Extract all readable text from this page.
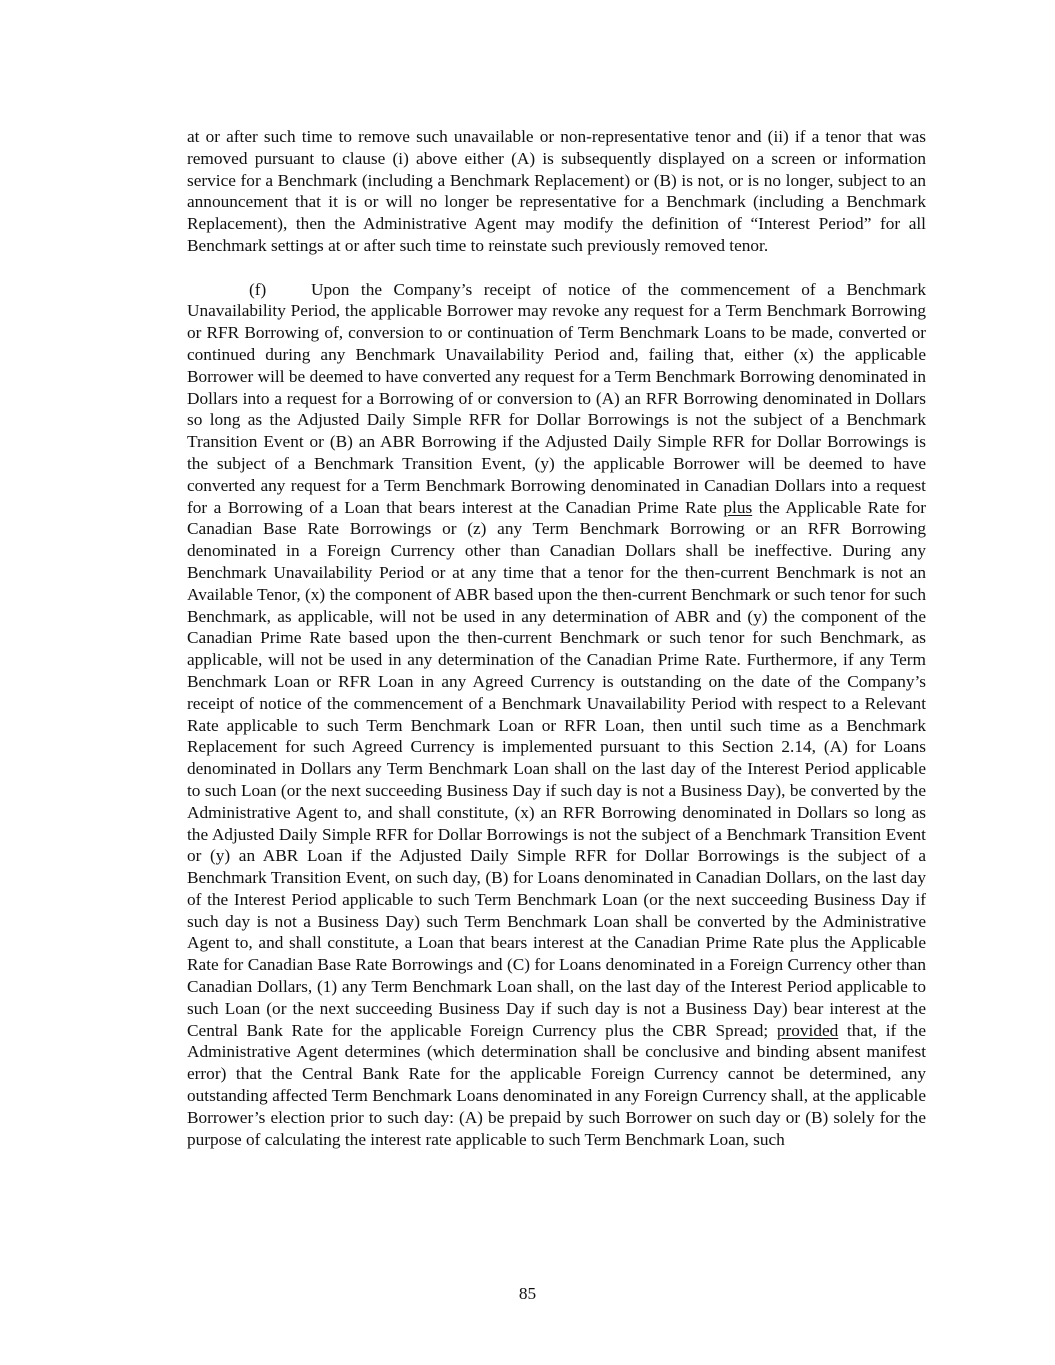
at or after such time to remove such unavailable or non-representative tenor and (ii) if a tenor that was removed pursuant to clause (i) above either (A) is subsequently displayed on a screen or information service for a Benchmark (including a Benchmark Replacement) or (B) is not, or is no longer, subject to an announcement that it is or will no longer be representative for a Benchmark (including a Benchmark Replacement), then the Administrative Agent may modify the definition of “Interest Period” for all Benchmark settings at or after such time to reinstate such previously removed tenor.

(f)	Upon the Company’s receipt of notice of the commencement of a Benchmark Unavailability Period, the applicable Borrower may revoke any request for a Term Benchmark Borrowing or RFR Borrowing of, conversion to or continuation of Term Benchmark Loans to be made, converted or continued during any Benchmark Unavailability Period and, failing that, either (x) the applicable Borrower will be deemed to have converted any request for a Term Benchmark Borrowing denominated in Dollars into a request for a Borrowing of or conversion to (A) an RFR Borrowing denominated in Dollars so long as the Adjusted Daily Simple RFR for Dollar Borrowings is not the subject of a Benchmark Transition Event or (B) an ABR Borrowing if the Adjusted Daily Simple RFR for Dollar Borrowings is the subject of a Benchmark Transition Event, (y) the applicable Borrower will be deemed to have converted any request for a Term Benchmark Borrowing denominated in Canadian Dollars into a request for a Borrowing of a Loan that bears interest at the Canadian Prime Rate plus the Applicable Rate for Canadian Base Rate Borrowings or (z) any Term Benchmark Borrowing or an RFR Borrowing denominated in a Foreign Currency other than Canadian Dollars shall be ineffective. During any Benchmark Unavailability Period or at any time that a tenor for the then-current Benchmark is not an Available Tenor, (x) the component of ABR based upon the then-current Benchmark or such tenor for such Benchmark, as applicable, will not be used in any determination of ABR and (y) the component of the Canadian Prime Rate based upon the then-current Benchmark or such tenor for such Benchmark, as applicable, will not be used in any determination of the Canadian Prime Rate. Furthermore, if any Term Benchmark Loan or RFR Loan in any Agreed Currency is outstanding on the date of the Company’s receipt of notice of the commencement of a Benchmark Unavailability Period with respect to a Relevant Rate applicable to such Term Benchmark Loan or RFR Loan, then until such time as a Benchmark Replacement for such Agreed Currency is implemented pursuant to this Section 2.14, (A) for Loans denominated in Dollars any Term Benchmark Loan shall on the last day of the Interest Period applicable to such Loan (or the next succeeding Business Day if such day is not a Business Day), be converted by the Administrative Agent to, and shall constitute, (x) an RFR Borrowing denominated in Dollars so long as the Adjusted Daily Simple RFR for Dollar Borrowings is not the subject of a Benchmark Transition Event or (y) an ABR Loan if the Adjusted Daily Simple RFR for Dollar Borrowings is the subject of a Benchmark Transition Event, on such day, (B) for Loans denominated in Canadian Dollars, on the last day of the Interest Period applicable to such Term Benchmark Loan (or the next succeeding Business Day if such day is not a Business Day) such Term Benchmark Loan shall be converted by the Administrative Agent to, and shall constitute, a Loan that bears interest at the Canadian Prime Rate plus the Applicable Rate for Canadian Base Rate Borrowings and (C) for Loans denominated in a Foreign Currency other than Canadian Dollars, (1) any Term Benchmark Loan shall, on the last day of the Interest Period applicable to such Loan (or the next succeeding Business Day if such day is not a Business Day) bear interest at the Central Bank Rate for the applicable Foreign Currency plus the CBR Spread; provided that, if the Administrative Agent determines (which determination shall be conclusive and binding absent manifest error) that the Central Bank Rate for the applicable Foreign Currency cannot be determined, any outstanding affected Term Benchmark Loans denominated in any Foreign Currency shall, at the applicable Borrower’s election prior to such day: (A) be prepaid by such Borrower on such day or (B) solely for the purpose of calculating the interest rate applicable to such Term Benchmark Loan, such

85
